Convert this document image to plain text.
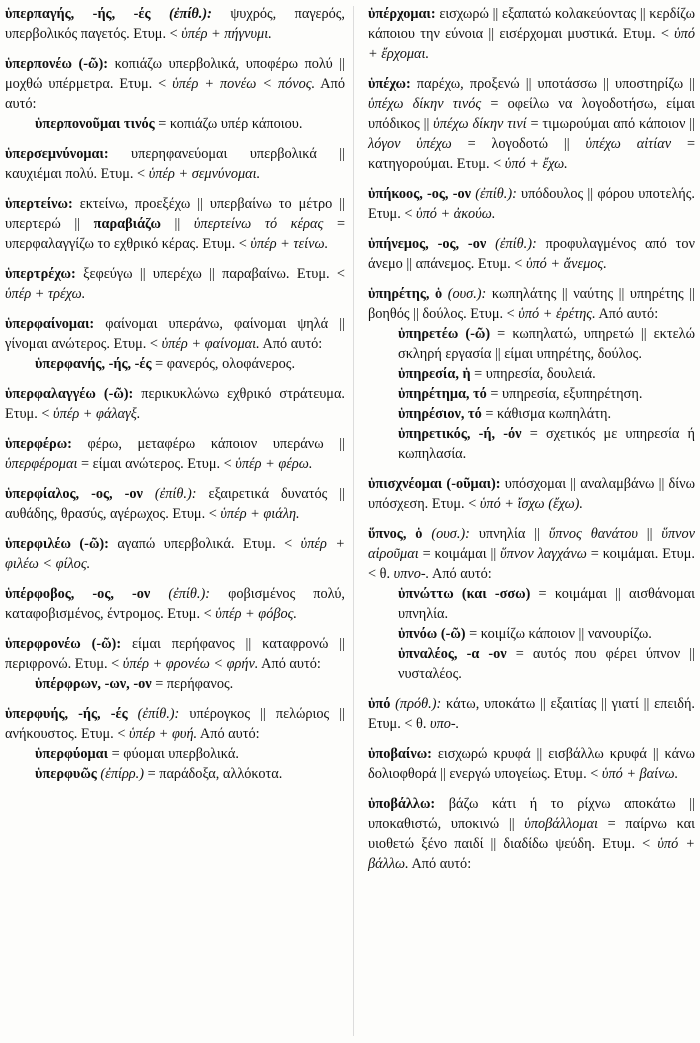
ὑπερπαγής, -ής, -ές (ἐπίθ.): ψυχρός, παγερός, υπερβολικός παγετός. Ετυμ. < ὑπέρ + πήγνυμι.
ὑπερπονέω (-ῶ): κοπιάζω υπερβολικά, υποφέρω πολύ || μοχθώ υπέρμετρα. Ετυμ. < ὑπέρ + πονέω < πόνος. Από αυτό:
ὑπερπονοῦμαι τινός = κοπιάζω υπέρ κάποιου.
ὑπερσεμνύνομαι: υπερηφανεύομαι υπερβολικά || καυχιέμαι πολύ. Ετυμ. < ὑπέρ + σεμνύνομαι.
ὑπερτείνω: εκτείνω, προεξέχω || υπερβαίνω το μέτρο || υπερτερώ || παραβιάζω || ὑπερτείνω τό κέρας = υπερφαλαγγίζω το εχθρικό κέρας. Ετυμ. < ὑπέρ + τείνω.
ὑπερτρέχω: ξεφεύγω || υπερέχω || παραβαίνω. Ετυμ. < ὑπέρ + τρέχω.
ὑπερφαίνομαι: φαίνομαι υπεράνω, φαίνομαι ψηλά || γίνομαι ανώτερος. Ετυμ. < ὑπέρ + φαίνομαι. Από αυτό:
ὑπερφανής, -ής, -ές = φανερός, ολοφάνερος.
ὑπερφαλαγγέω (-ῶ): περικυκλώνω εχθρικό στράτευμα. Ετυμ. < ὑπέρ + φάλαγξ.
ὑπερφέρω: φέρω, μεταφέρω κάποιον υπεράνω || ὑπερφέρομαι = είμαι ανώτερος. Ετυμ. < ὑπέρ + φέρω.
ὑπερφίαλος, -ος, -ον (ἐπίθ.): εξαιρετικά δυνατός || αυθάδης, θρασύς, αγέρωχος. Ετυμ. < ὑπέρ + φιάλη.
ὑπερφιλέω (-ῶ): αγαπώ υπερβολικά. Ετυμ. < ὑπέρ + φιλέω < φίλος.
ὑπέρφοβος, -ος, -ον (ἐπίθ.): φοβισμένος πολύ, καταφοβισμένος, έντρομος. Ετυμ. < ὑπέρ + φόβος.
ὑπερφρονέω (-ῶ): είμαι περήφανος || καταφρονώ || περιφρονώ. Ετυμ. < ὑπέρ + φρονέω < φρήν. Από αυτό:
ὑπέρφρων, -ων, -ον = περήφανος.
ὑπερφυής, -ής, -ές (ἐπίθ.): υπέρογκος || πελώριος || ανήκουστος. Ετυμ. < ὑπέρ + φυή. Από αυτό:
ὑπερφύομαι = φύομαι υπερβολικά.
ὑπερφυῶς (ἐπίρρ.) = παράδοξα, αλλόκοτα.
ὑπέρχομαι: εισχωρώ || εξαπατώ κολακεύοντας || κερδίζω κάποιου την εύνοια || εισέρχομαι μυστικά. Ετυμ. < ὑπό + ἔρχομαι.
ὑπέχω: παρέχω, προξενώ || υποτάσσω || υποστηρίζω || ὑπέχω δίκην τινός = οφείλω να λογοδοτήσω, είμαι υπόδικος || ὑπέχω δίκην τινί = τιμωρούμαι από κάποιον || λόγον ὑπέχω = λογοδοτώ || ὑπέχω αἰτίαν = κατηγορούμαι. Ετυμ. < ὑπό + ἔχω.
ὑπήκοος, -ος, -ον (ἐπίθ.): υπόδουλος || φόρου υποτελής. Ετυμ. < ὑπό + ἀκούω.
ὑπήνεμος, -ος, -ον (ἐπίθ.): προφυλαγμένος από τον άνεμο || απάνεμος. Ετυμ. < ὑπό + ἄνεμος.
ὑπηρέτης, ὁ (ουσ.): κωπηλάτης || ναύτης || υπηρέτης || βοηθός || δούλος. Ετυμ. < ὑπό + ἐρέτης. Από αυτό:
ὑπηρετέω (-ῶ) = κωπηλατώ, υπηρετώ || εκτελώ σκληρή εργασία || είμαι υπηρέτης, δούλος.
ὑπηρεσία, ἡ = υπηρεσία, δουλειά.
ὑπηρέτημα, τό = υπηρεσία, εξυπηρέτηση.
ὑπηρέσιον, τό = κάθισμα κωπηλάτη.
ὑπηρετικός, -ή, -όν = σχετικός με υπηρεσία ή κωπηλασία.
ὑπισχνέομαι (-οῦμαι): υπόσχομαι || αναλαμβάνω || δίνω υπόσχεση. Ετυμ. < ὑπό + ἴσχω (ἔχω).
ὕπνος, ὁ (ουσ.): υπνηλία || ὕπνος θανάτου || ὕπνον αἱροῦμαι = κοιμάμαι || ὕπνον λαγχάνω = κοιμάμαι. Ετυμ. < θ. υπνο-. Από αυτό:
ὑπνώττω (και -σσω) = κοιμάμαι || αισθάνομαι υπνηλία.
ὑπνόω (-ῶ) = κοιμίζω κάποιον || νανουρίζω.
ὑπναλέος, -α -ον = αυτός που φέρει ύπνον || νυσταλέος.
ὑπό (πρόθ.): κάτω, υποκάτω || εξαιτίας || γιατί || επειδή. Ετυμ. < θ. υπο-.
ὑποβαίνω: εισχωρώ κρυφά || εισβάλλω κρυφά || κάνω δολιοφθορά || ενεργώ υπογείως. Ετυμ. < ὑπό + βαίνω.
ὑποβάλλω: βάζω κάτι ή το ρίχνω αποκάτω || υποκαθιστώ, υποκινώ || ὑποβάλλομαι = παίρνω και υιοθετώ ξένο παιδί || διαδίδω ψεύδη. Ετυμ. < ὑπό + βάλλω. Από αυτό:
